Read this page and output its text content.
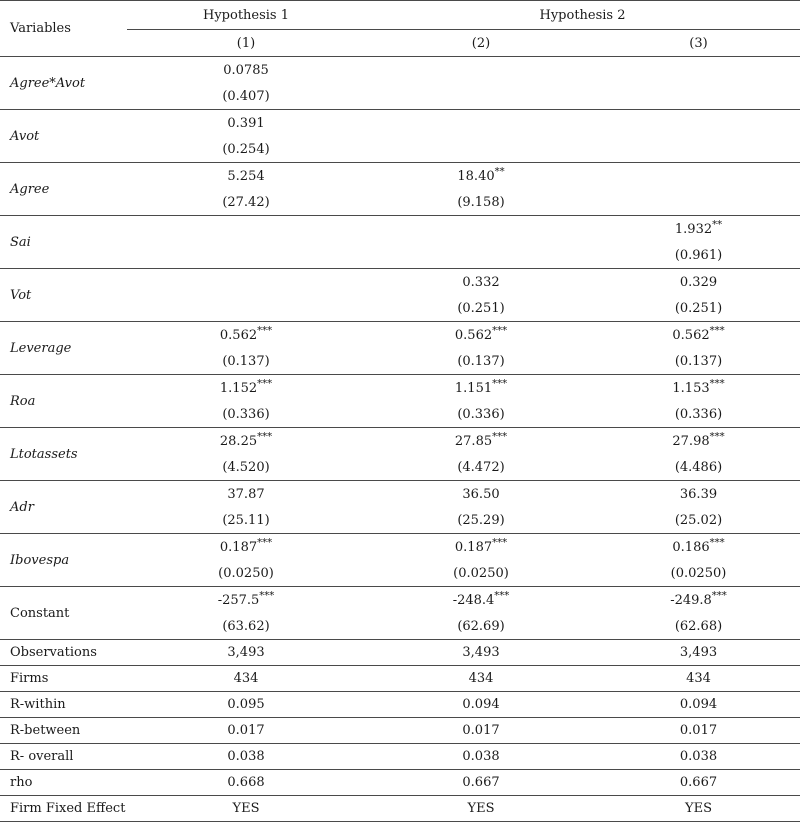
Variables	Hypothesis 1	Hypothesis 2	
	(1)	(2)	(3)
Agree*Avot	0.0785		
	(0.407)		
Avot	0.391		
	(0.254)		
Agree	5.254	18.40**	
	(27.42)	(9.158)	
Sai			1.932**
			(0.961)
Vot		0.332	0.329
		(0.251)	(0.251)
Leverage	0.562***	0.562***	0.562***
	(0.137)	(0.137)	(0.137)
Roa	1.152***	1.151***	1.153***
	(0.336)	(0.336)	(0.336)
Ltotassets	28.25***	27.85***	27.98***
	(4.520)	(4.472)	(4.486)
Adr	37.87	36.50	36.39
	(25.11)	(25.29)	(25.02)
Ibovespa	0.187***	0.187***	0.186***
	(0.0250)	(0.0250)	(0.0250)
Constant	-257.5***	-248.4***	-249.8***
	(63.62)	(62.69)	(62.68)
Observations	3,493	3,493	3,493
Firms	434	434	434
R-within	0.095	0.094	0.094
R-between	0.017	0.017	0.017
R- overall	0.038	0.038	0.038
rho	0.668	0.667	0.667
Firm Fixed Effect	YES	YES	YES
